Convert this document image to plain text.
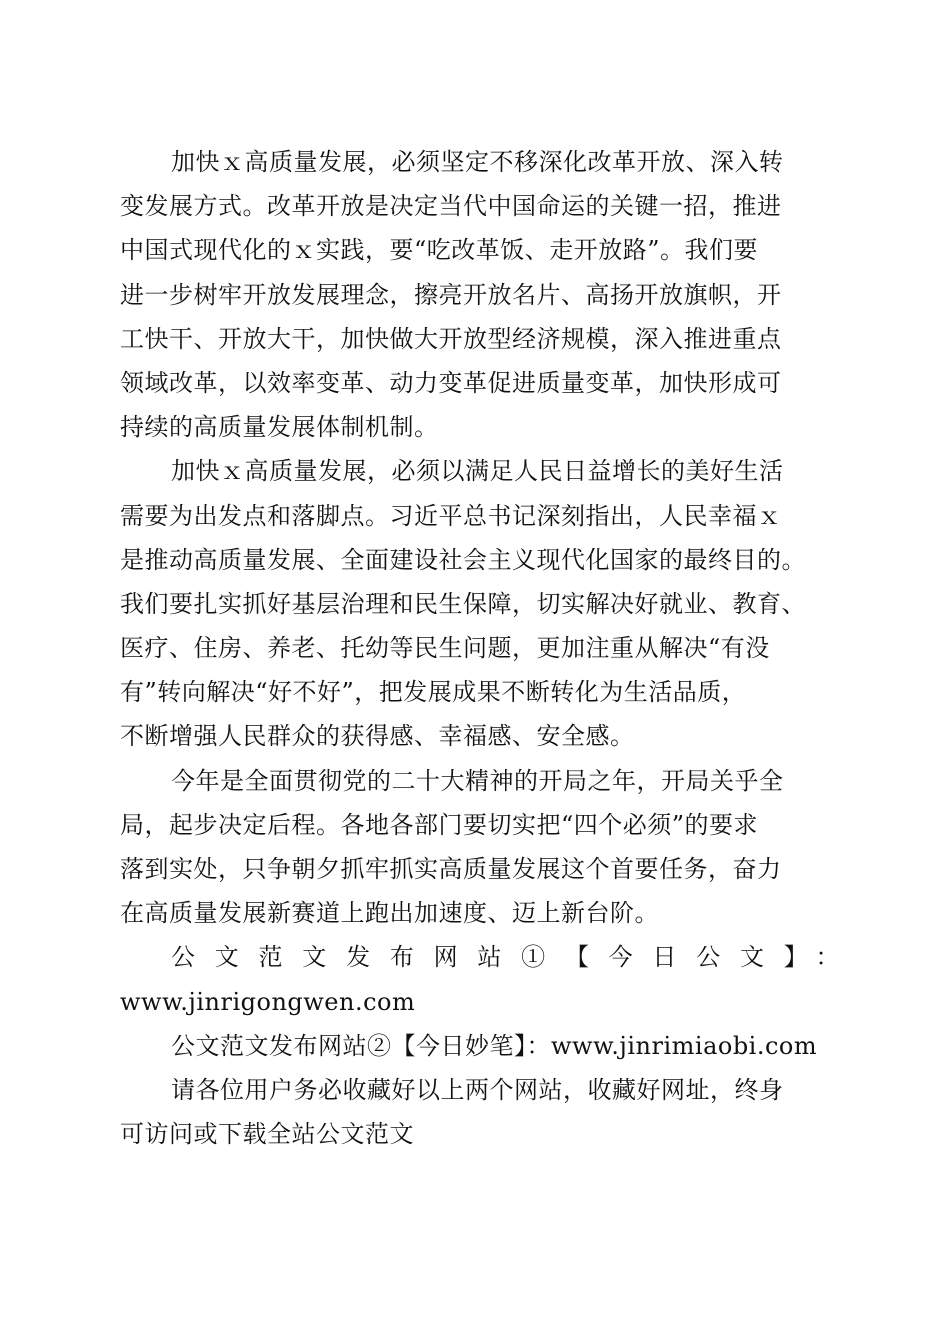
加快ｘ高质量发展，必须坚定不移深化改革开放、深入转
变发展方式。改革开放是决定当代中国命运的关键一招，推进
中国式现代化的ｘ实践，要“吃改革饭、走开放路”。我们要
进一步树牢开放发展理念，擦亮开放名片、高扬开放旗帜，开
工快干、开放大干，加快做大开放型经济规模，深入推进重点
领域改革，以效率变革、动力变革促进质量变革，加快形成可
持续的高质量发展体制机制。
加快ｘ高质量发展，必须以满足人民日益增长的美好生活
需要为出发点和落脚点。习近平总书记深刻指出，人民幸福ｘ
是推动高质量发展、全面建设社会主义现代化国家的最终目的。
我们要扎实抓好基层治理和民生保障，切实解决好就业、教育、
医疗、住房、养老、托幼等民生问题，更加注重从解决“有没
有”转向解决“好不好”，把发展成果不断转化为生活品质，
不断增强人民群众的获得感、幸福感、安全感。
今年是全面贯彻党的二十大精神的开局之年，开局关乎全
局，起步决定后程。各地各部门要切实把“四个必须”的要求
落到实处，只争朝夕抓牢抓实高质量发展这个首要任务，奋力
在高质量发展新赛道上跑出加速度、迈上新台阶。
公文范文发布网站①【今日公文】：
www.jinrigongwen.com
公文范文发布网站②【今日妙笔】：www.jinrimiaobi.com
请各位用户务必收藏好以上两个网站，收藏好网址，终身
可访问或下载全站公文范文
